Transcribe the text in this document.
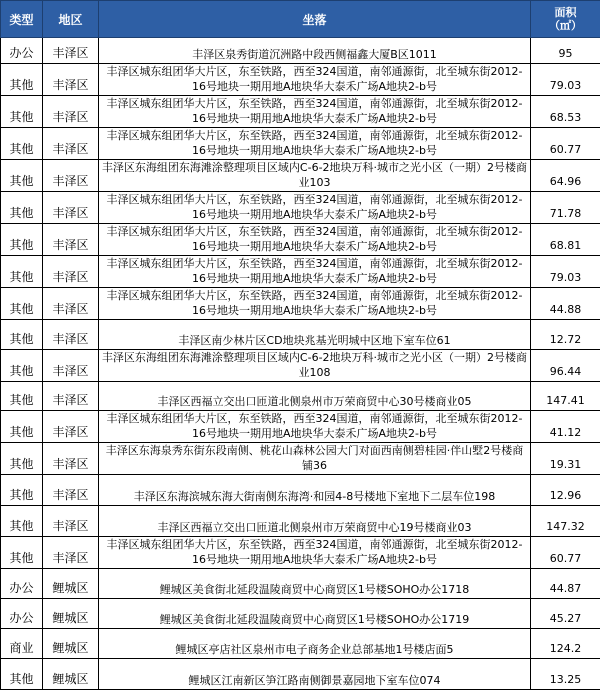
类型	地区	坐落	面积
（㎡）
办公	丰泽区	丰泽区泉秀街道沉洲路中段西侧福鑫大厦B区1011	95
其他	丰泽区	丰泽区城东组团华大片区，东至铁路，西至324国道，南邻通源街，北至城东街2012-16号地块一期用地A地块华大泰禾广场A地块2-b号	79.03
其他	丰泽区	丰泽区城东组团华大片区，东至铁路，西至324国道，南邻通源街，北至城东街2012-16号地块一期用地A地块华大泰禾广场A地块2-b号	68.53
其他	丰泽区	丰泽区城东组团华大片区，东至铁路，西至324国道，南邻通源街，北至城东街2012-16号地块一期用地A地块华大泰禾广场A地块2-b号	60.77
其他	丰泽区	丰泽区东海组团东海滩涂整理项目区域内C-6-2地块万科·城市之光小区（一期）2号楼商业103	64.96
其他	丰泽区	丰泽区城东组团华大片区，东至铁路，西至324国道，南邻通源街，北至城东街2012-16号地块一期用地A地块华大泰禾广场A地块2-b号	71.78
其他	丰泽区	丰泽区城东组团华大片区，东至铁路，西至324国道，南邻通源街，北至城东街2012-16号地块一期用地A地块华大泰禾广场A地块2-b号	68.81
其他	丰泽区	丰泽区城东组团华大片区，东至铁路，西至324国道，南邻通源街，北至城东街2012-16号地块一期用地A地块华大泰禾广场A地块2-b号	79.03
其他	丰泽区	丰泽区城东组团华大片区，东至铁路，西至324国道，南邻通源街，北至城东街2012-16号地块一期用地A地块华大泰禾广场A地块2-b号	44.88
其他	丰泽区	丰泽区南少林片区CD地块兆基光明城中区地下室车位61	12.72
其他	丰泽区	丰泽区东海组团东海滩涂整理项目区域内C-6-2地块万科·城市之光小区（一期）2号楼商业108	96.44
其他	丰泽区	丰泽区西福立交出口匝道北侧泉州市万荣商贸中心30号楼商业05	147.41
其他	丰泽区	丰泽区城东组团华大片区，东至铁路，西至324国道，南邻通源街，北至城东街2012-16号地块一期用地A地块华大泰禾广场A地块2-b号	41.12
其他	丰泽区	丰泽区东海泉秀东街东段南侧、桃花山森林公园大门对面西南侧碧桂园·伴山墅2号楼商铺36	19.31
其他	丰泽区	丰泽区东海滨城东海大街南侧东海湾·和园4-8号楼地下室地下二层车位198	12.96
其他	丰泽区	丰泽区西福立交出口匝道北侧泉州市万荣商贸中心19号楼商业03	147.32
其他	丰泽区	丰泽区城东组团华大片区，东至铁路，西至324国道，南邻通源街，北至城东街2012-16号地块一期用地A地块华大泰禾广场A地块2-b号	60.77
办公	鲤城区	鲤城区美食街北延段温陵商贸中心商贸区1号楼SOHO办公1718	44.87
办公	鲤城区	鲤城区美食街北延段温陵商贸中心商贸区1号楼SOHO办公1719	45.27
商业	鲤城区	鲤城区亭店社区泉州市电子商务企业总部基地1号楼店面5	124.2
其他	鲤城区	鲤城区江南新区笋江路南侧御景嘉园地下室车位074	13.25
